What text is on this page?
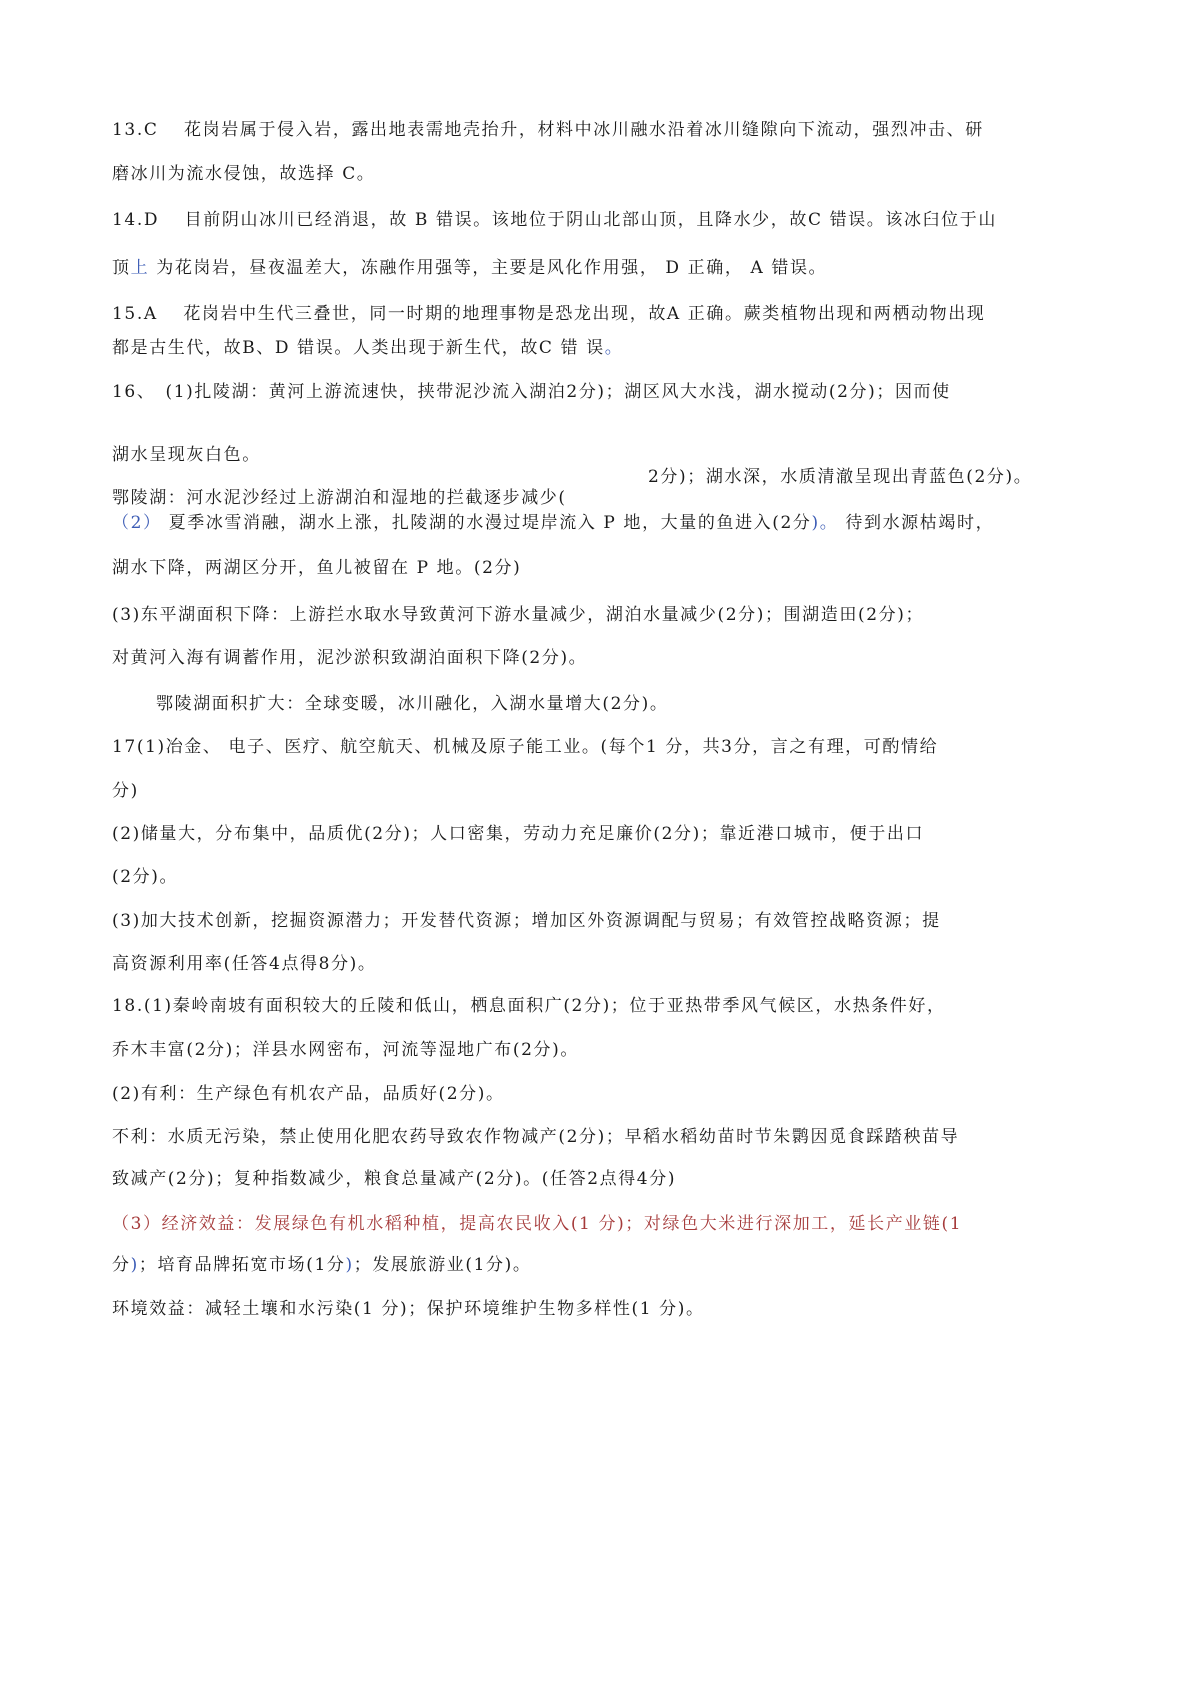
13.C　 花岗岩属于侵入岩，露出地表需地壳抬升，材料中冰川融水沿着冰川缝隙向下流动，强烈冲击、研
磨冰川为流水侵蚀，故选择 C。
14.D　 目前阴山冰川已经消退，故 B 错误。该地位于阴山北部山顶，且降水少，故C 错误。该冰臼位于山
顶上 为花岗岩，昼夜温差大，冻融作用强等，主要是风化作用强， D 正确， A 错误。
15.A　 花岗岩中生代三叠世，同一时期的地理事物是恐龙出现，故A 正确。蕨类植物出现和两栖动物出现
都是古生代，故B、D 错误。人类出现于新生代，故C 错 误。
16、　(1)扎陵湖：黄河上游流速快，挟带泥沙流入湖泊2分)；湖区风大水浅，湖水搅动(2分)；因而使
湖水呈现灰白色。
2分)；湖水深，水质清澈呈现出青蓝色(2分)。
鄂陵湖：河水泥沙经过上游湖泊和湿地的拦截逐步减少(
（2） 夏季冰雪消融，湖水上涨，扎陵湖的水漫过堤岸流入 P 地，大量的鱼进入(2分)。 待到水源枯竭时，
湖水下降，两湖区分开，鱼儿被留在 P 地。(2分)
(3)东平湖面积下降：上游拦水取水导致黄河下游水量减少，湖泊水量减少(2分)；围湖造田(2分)；
对黄河入海有调蓄作用，泥沙淤积致湖泊面积下降(2分)。
鄂陵湖面积扩大：全球变暖，冰川融化，入湖水量增大(2分)。
17(1)冶金、 电子、医疗、航空航天、机械及原子能工业。(每个1 分，共3分，言之有理，可酌情给
分)
(2)储量大，分布集中，品质优(2分)；人口密集，劳动力充足廉价(2分)；靠近港口城市，便于出口
(2分)。
(3)加大技术创新，挖掘资源潜力；开发替代资源；增加区外资源调配与贸易；有效管控战略资源；提
高资源利用率(任答4点得8分)。
18.(1)秦岭南坡有面积较大的丘陵和低山，栖息面积广(2分)；位于亚热带季风气候区，水热条件好，
乔木丰富(2分)；洋县水网密布，河流等湿地广布(2分)。
(2)有利：生产绿色有机农产品，品质好(2分)。
不利：水质无污染，禁止使用化肥农药导致农作物减产(2分)；早稻水稻幼苗时节朱鹮因觅食踩踏秧苗导
致减产(2分)；复种指数减少，粮食总量减产(2分)。(任答2点得4分)
（3）经济效益：发展绿色有机水稻种植，提高农民收入(1 分)；对绿色大米进行深加工，延长产业链(1
分)；培育品牌拓宽市场(1分)；发展旅游业(1分)。
环境效益：减轻土壤和水污染(1 分)；保护环境维护生物多样性(1 分)。
